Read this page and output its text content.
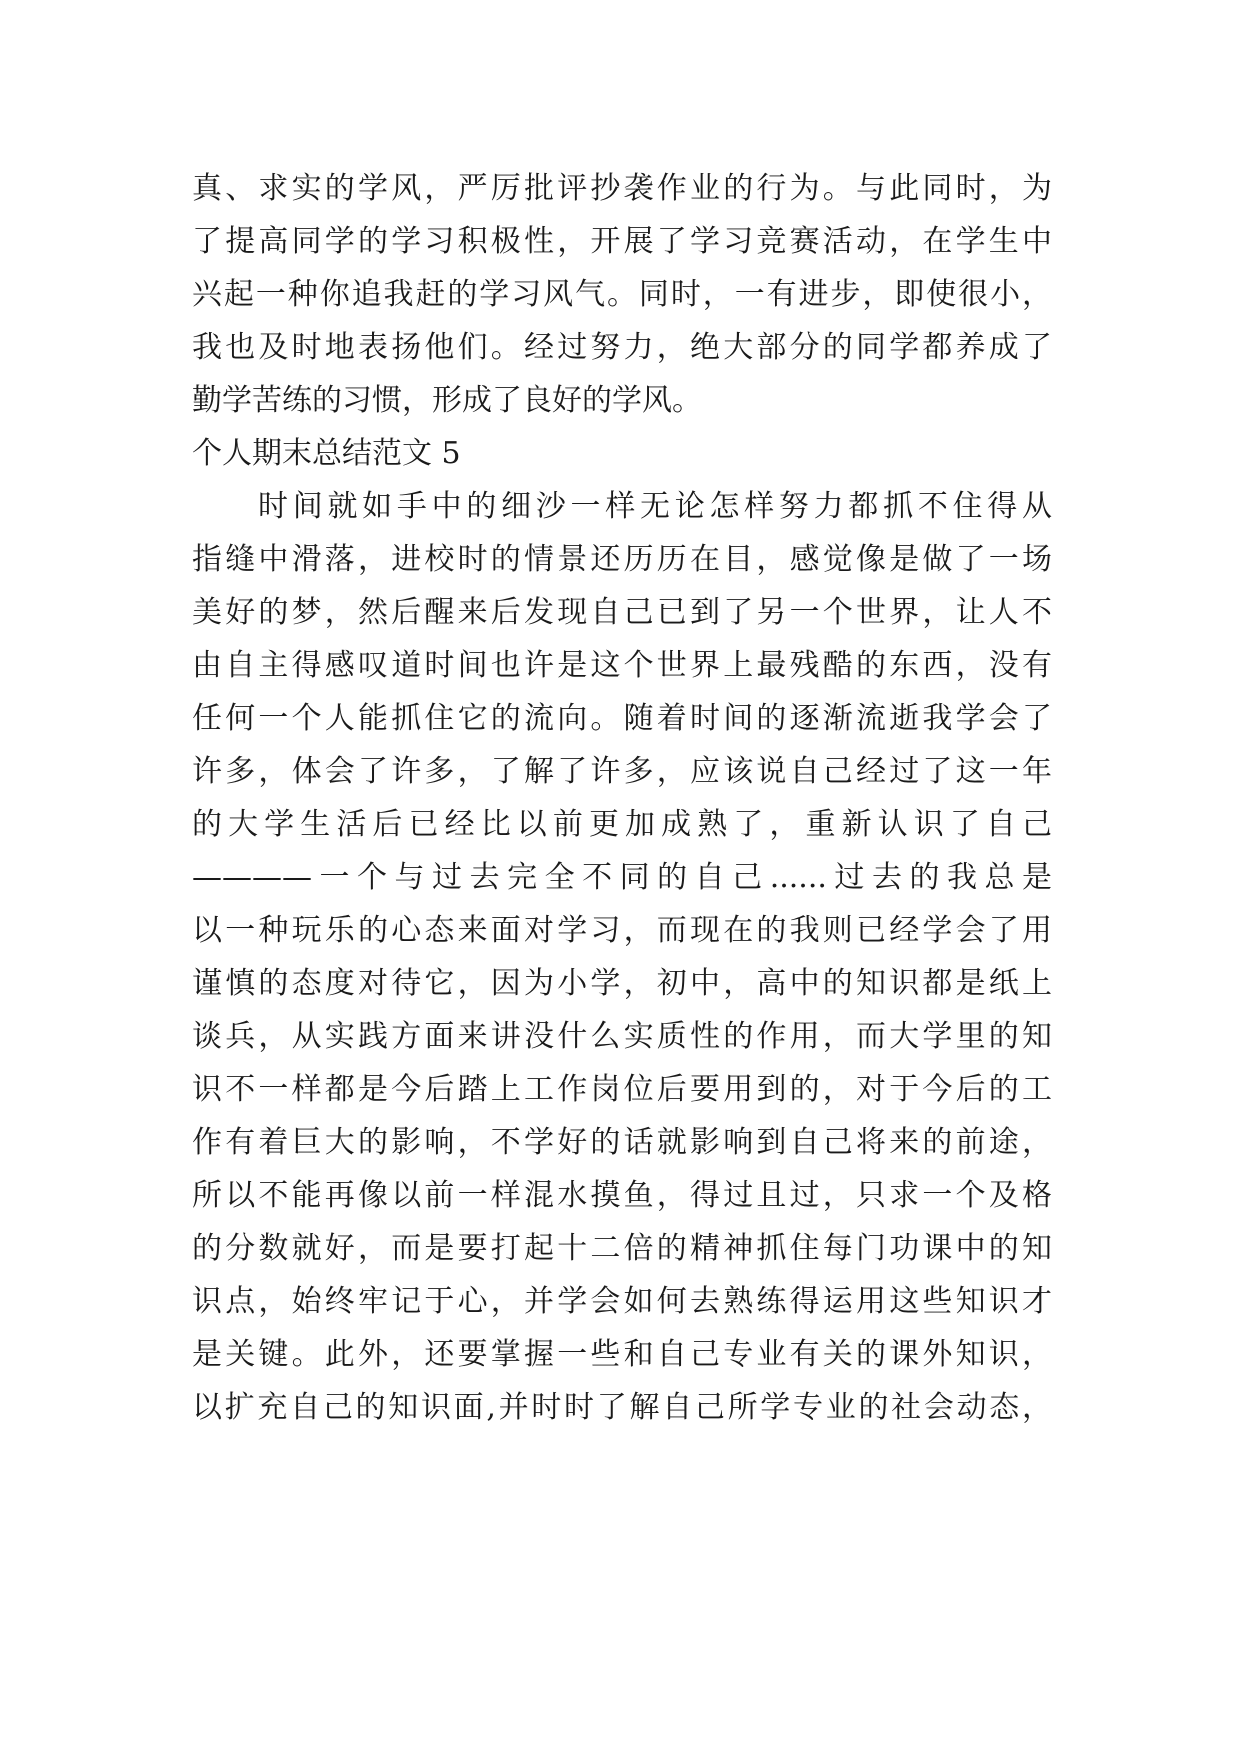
真、求实的学风，严厉批评抄袭作业的行为。与此同时，为
了提高同学的学习积极性，开展了学习竞赛活动，在学生中
兴起一种你追我赶的学习风气。同时，一有进步，即使很小，
我也及时地表扬他们。经过努力，绝大部分的同学都养成了
勤学苦练的习惯，形成了良好的学风。
个人期末总结范文 5
时间就如手中的细沙一样无论怎样努力都抓不住得从
指缝中滑落，进校时的情景还历历在目，感觉像是做了一场
美好的梦，然后醒来后发现自己已到了另一个世界，让人不
由自主得感叹道时间也许是这个世界上最残酷的东西，没有
任何一个人能抓住它的流向。随着时间的逐渐流逝我学会了
许多，体会了许多，了解了许多，应该说自己经过了这一年
的大学生活后已经比以前更加成熟了，重新认识了自己
————一个与过去完全不同的自己......过去的我总是
以一种玩乐的心态来面对学习，而现在的我则已经学会了用
谨慎的态度对待它，因为小学，初中，高中的知识都是纸上
谈兵，从实践方面来讲没什么实质性的作用，而大学里的知
识不一样都是今后踏上工作岗位后要用到的，对于今后的工
作有着巨大的影响，不学好的话就影响到自己将来的前途，
所以不能再像以前一样混水摸鱼，得过且过，只求一个及格
的分数就好，而是要打起十二倍的精神抓住每门功课中的知
识点，始终牢记于心，并学会如何去熟练得运用这些知识才
是关键。此外，还要掌握一些和自己专业有关的课外知识，
以扩充自己的知识面,并时时了解自己所学专业的社会动态，
